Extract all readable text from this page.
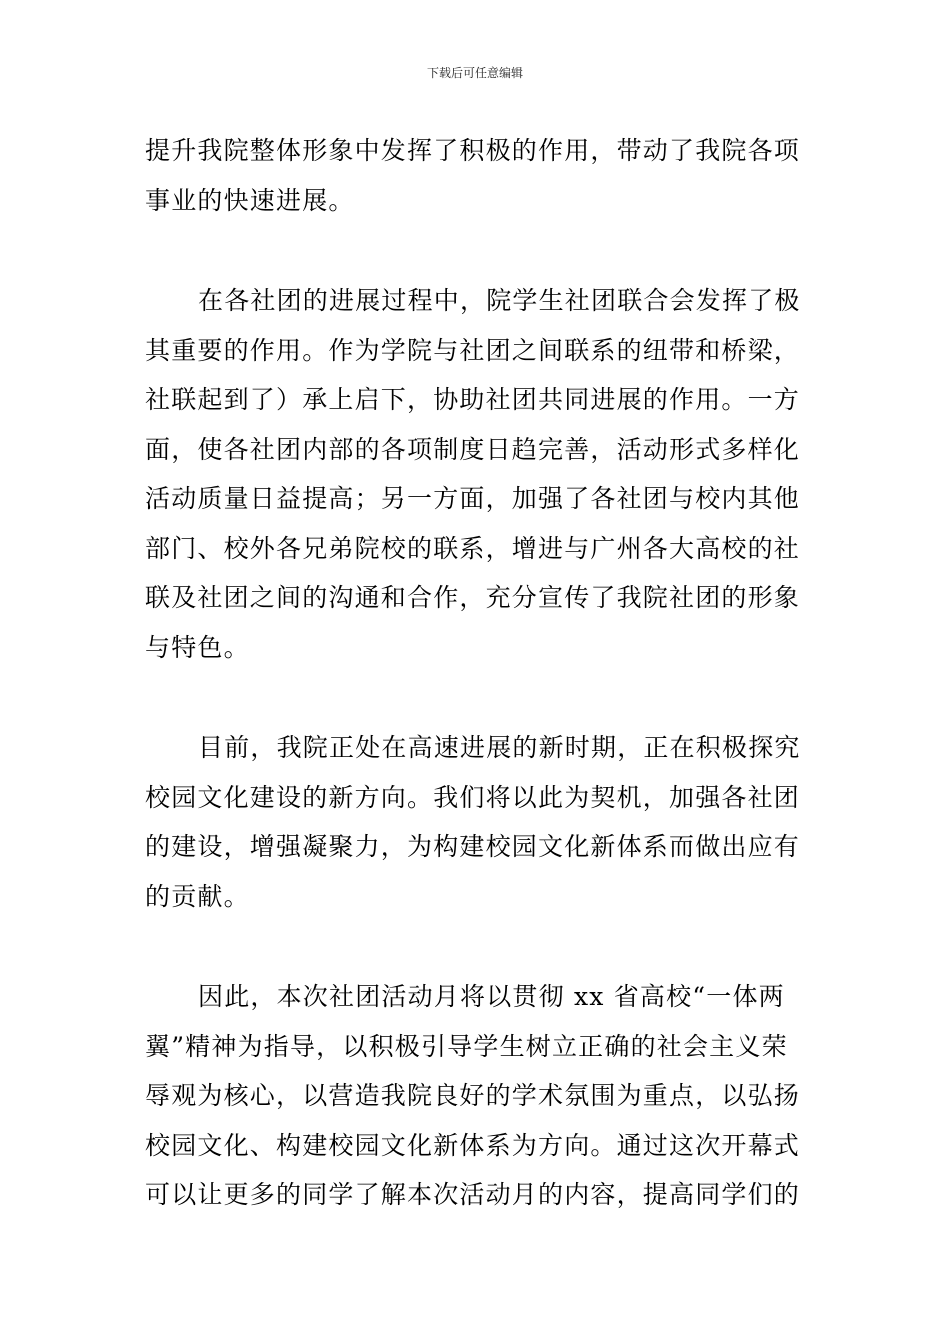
下载后可任意编辑
提升我院整体形象中发挥了积极的作用，带动了我院各项
事业的快速进展。
在各社团的进展过程中，院学生社团联合会发挥了极
其重要的作用。作为学院与社团之间联系的纽带和桥梁，
社联起到了）承上启下，协助社团共同进展的作用。一方
面，使各社团内部的各项制度日趋完善，活动形式多样化
活动质量日益提高；另一方面，加强了各社团与校内其他
部门、校外各兄弟院校的联系，增进与广州各大高校的社
联及社团之间的沟通和合作，充分宣传了我院社团的形象
与特色。
目前，我院正处在高速进展的新时期，正在积极探究
校园文化建设的新方向。我们将以此为契机，加强各社团
的建设，增强凝聚力，为构建校园文化新体系而做出应有
的贡献。
因此，本次社团活动月将以贯彻 xx 省高校“一体两
翼”精神为指导，以积极引导学生树立正确的社会主义荣
辱观为核心，以营造我院良好的学术氛围为重点，以弘扬
校园文化、构建校园文化新体系为方向。通过这次开幕式
可以让更多的同学了解本次活动月的内容，提高同学们的
